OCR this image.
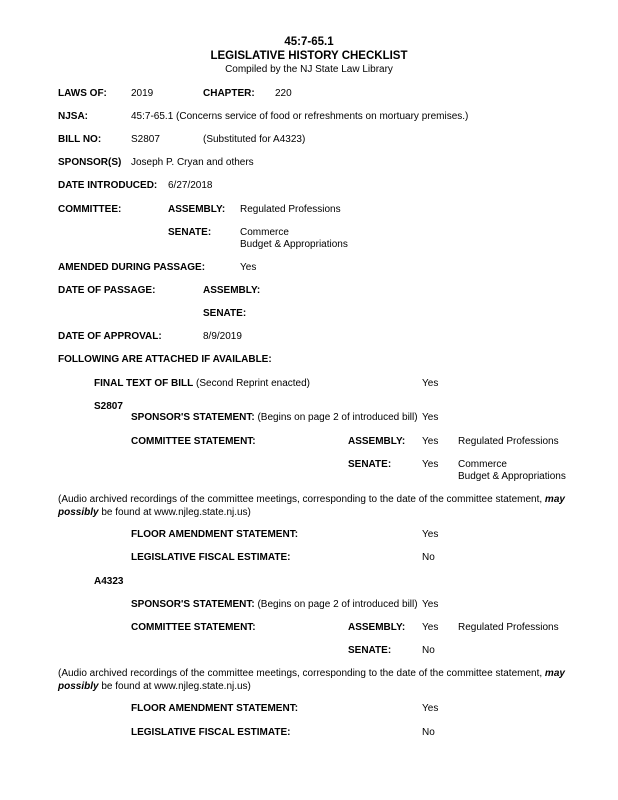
45:7-65.1
LEGISLATIVE HISTORY CHECKLIST
Compiled by the NJ State Law Library
LAWS OF: 2019	CHAPTER: 220
NJSA:	45:7-65.1 (Concerns service of food or refreshments on mortuary premises.)
BILL NO:	S2807	(Substituted for A4323)
SPONSOR(S) Joseph P. Cryan and others
DATE INTRODUCED: 6/27/2018
COMMITTEE:	ASSEMBLY: Regulated Professions
SENATE:	Commerce
Budget & Appropriations
AMENDED DURING PASSAGE:	Yes
DATE OF PASSAGE:	ASSEMBLY:
SENATE:
DATE OF APPROVAL:	8/9/2019
FOLLOWING ARE ATTACHED IF AVAILABLE:
FINAL TEXT OF BILL (Second Reprint enacted)	Yes
S2807
SPONSOR'S STATEMENT: (Begins on page 2 of introduced bill) Yes
COMMITTEE STATEMENT:	ASSEMBLY: Yes Regulated Professions
SENATE:	Yes Commerce
Budget & Appropriations
(Audio archived recordings of the committee meetings, corresponding to the date of the committee statement, may possibly be found at www.njleg.state.nj.us)
FLOOR AMENDMENT STATEMENT:	Yes
LEGISLATIVE FISCAL ESTIMATE:	No
A4323
SPONSOR'S STATEMENT: (Begins on page 2 of introduced bill) Yes
COMMITTEE STATEMENT:	ASSEMBLY: Yes Regulated Professions
SENATE:	No
(Audio archived recordings of the committee meetings, corresponding to the date of the committee statement, may possibly be found at www.njleg.state.nj.us)
FLOOR AMENDMENT STATEMENT:	Yes
LEGISLATIVE FISCAL ESTIMATE:	No
